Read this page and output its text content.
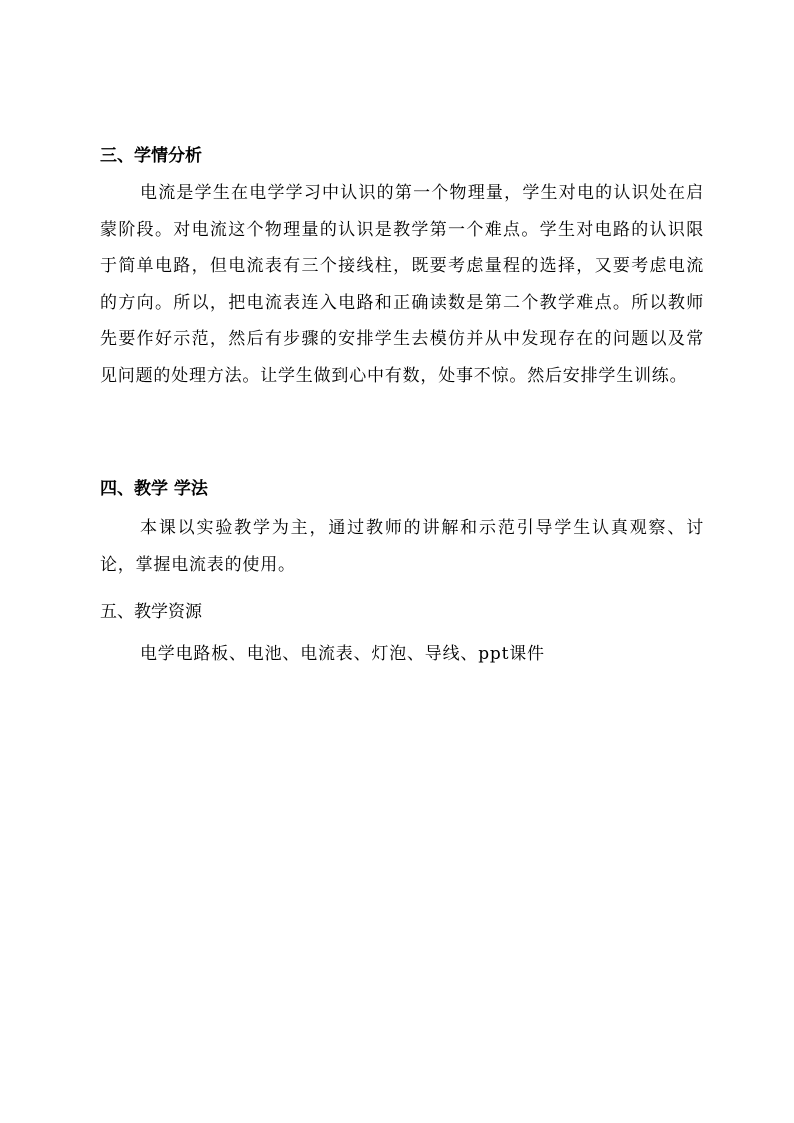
三、学情分析

电流是学生在电学学习中认识的第一个物理量，学生对电的认识处在启蒙阶段。对电流这个物理量的认识是教学第一个难点。学生对电路的认识限于简单电路，但电流表有三个接线柱，既要考虑量程的选择，又要考虑电流的方向。所以，把电流表连入电路和正确读数是第二个教学难点。所以教师先要作好示范，然后有步骤的安排学生去模仿并从中发现存在的问题以及常见问题的处理方法。让学生做到心中有数，处事不惊。然后安排学生训练。

四、教学 学法

本课以实验教学为主，通过教师的讲解和示范引导学生认真观察、讨论，掌握电流表的使用。

五、教学资源

电学电路板、电池、电流表、灯泡、导线、ppt课件
